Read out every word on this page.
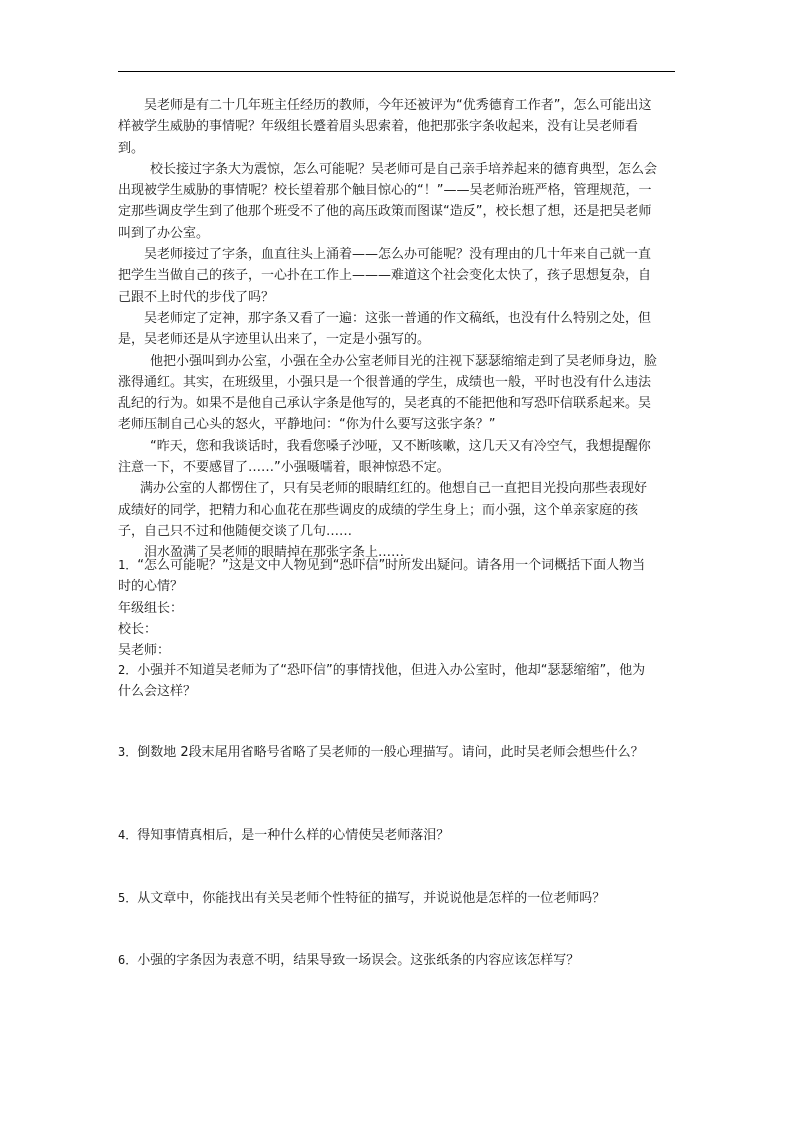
吴老师是有二十几年班主任经历的教师，今年还被评为“优秀德育工作者”，怎么可能出这样被学生威胁的事情呢？年级组长蹙着眉头思索着，他把那张字条收起来，没有让吴老师看到。

校长接过字条大为震惊，怎么可能呢？吴老师可是自己亲手培养起来的德育典型，怎么会出现被学生威胁的事情呢？校长望着那个触目惊心的“！”——吴老师治班严格，管理规范，一定那些调皮学生到了他那个班受不了他的高压政策而图谋“造反”，校长想了想，还是把吴老师叫到了办公室。

吴老师接过了字条，血直往头上涌着——怎么办可能呢？没有理由的几十年来自己就一直把学生当做自己的孩子，一心扑在工作上———难道这个社会变化太快了，孩子思想复杂，自己跟不上时代的步伐了吗？

吴老师定了定神，那字条又看了一遍：这张一普通的作文稿纸，也没有什么特别之处，但是，吴老师还是从字迹里认出来了，一定是小强写的。

他把小强叫到办公室，小强在全办公室老师目光的注视下瑟瑟缩缩走到了吴老师身边，脸涨得通红。其实，在班级里，小强只是一个很普通的学生，成绩也一般，平时也没有什么违法乱纪的行为。如果不是他自己承认字条是他写的，吴老真的不能把他和写恐吓信联系起来。吴老师压制自己心头的怒火，平静地问：“你为什么要写这张字条？”

“昨天，您和我谈话时，我看您嗓子沙哑，又不断咳嗽，这几天又有冷空气，我想提醒你注意一下，不要感冒了……”小强嗫嚅着，眼神惊恐不定。

满办公室的人都愣住了，只有吴老师的眼睛红红的。他想自己一直把目光投向那些表现好成绩好的同学，把精力和心血花在那些调皮的成绩的学生身上；而小强，这个单亲家庭的孩子，自己只不过和他随便交谈了几句……

泪水盈满了吴老师的眼睛掉在那张字条上……

1．“怎么可能呢？”这是文中人物见到“恐吓信”时所发出疑问。请各用一个词概括下面人物当时的心情？

年级组长：

校长：

吴老师：

2．小强并不知道吴老师为了“恐吓信”的事情找他，但进入办公室时，他却“瑟瑟缩缩”，他为什么会这样？

3．倒数地 2段末尾用省略号省略了吴老师的一般心理描写。请问，此时吴老师会想些什么？

4．得知事情真相后，是一种什么样的心情使吴老师落泪？

5．从文章中，你能找出有关吴老师个性特征的描写，并说说他是怎样的一位老师吗？

6．小强的字条因为表意不明，结果导致一场误会。这张纸条的内容应该怎样写？
